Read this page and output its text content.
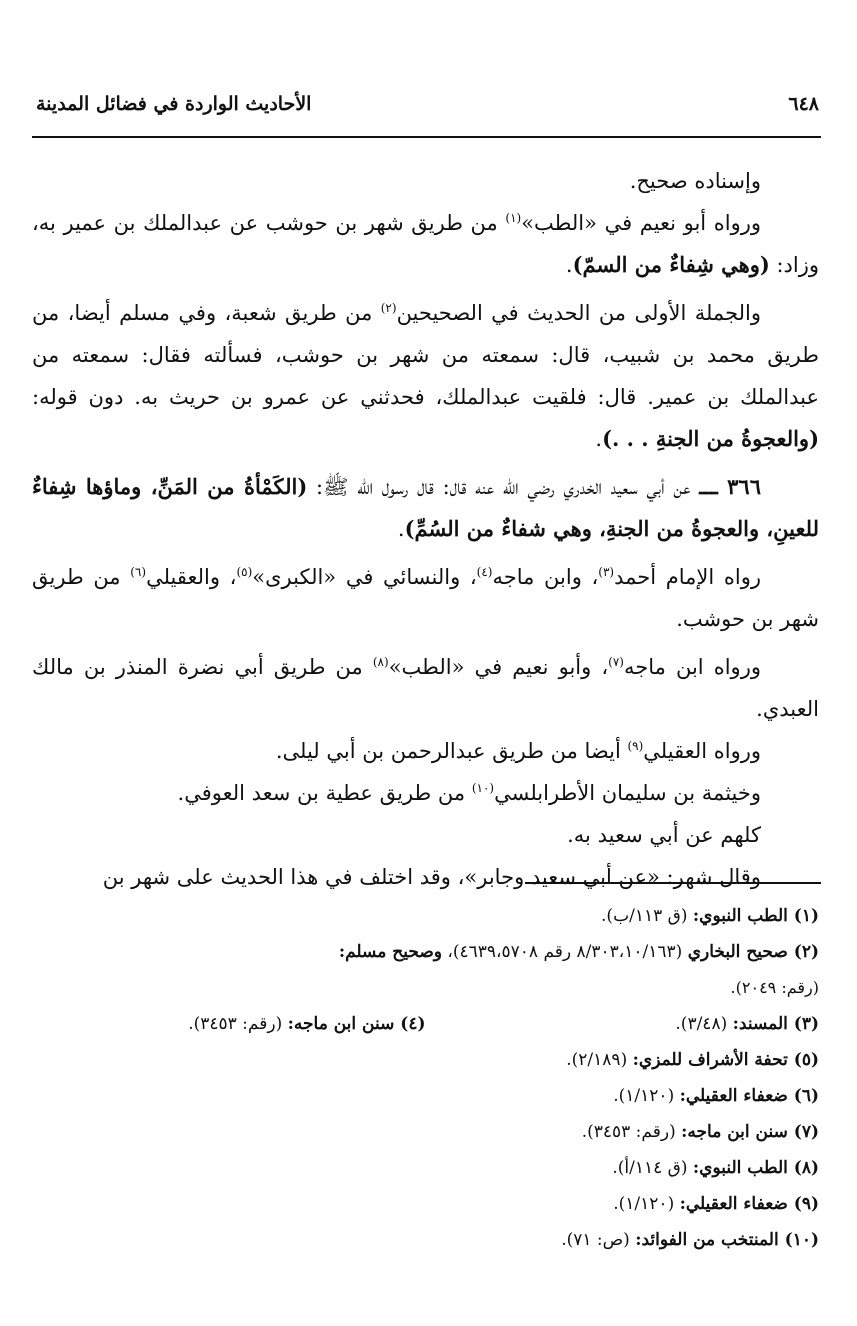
٦٤٨
الأحاديث الواردة في فضائل المدينة

وإسناده صحيح.

ورواه أبو نعيم في «الطب»$^{(١)}$ من طريق شهر بن حوشب عن عبدالملك بن عمير به، وزاد: (وهي شِفاءٌ من السمّ).

والجملة الأولى من الحديث في الصحيحين$^{(٢)}$ من طريق شعبة، وفي مسلم أيضا، من طريق محمد بن شبيب، قال: سمعته من شهر بن حوشب، فسألته فقال: سمعته من عبدالملك بن عمير. قال: فلقيت عبدالملك، فحدثني عن عمرو بن حريث به. دون قوله: (والعجوةُ من الجنةِ . . .).

٣٦٦ ـــ عن أبي سعيد الخدري رضي الله عنه قال: قال رسول الله ﷺ: (الكَمْأةُ من المَنِّ، وماؤها شِفاءٌ للعينِ، والعجوةُ من الجنةِ، وهي شفاءٌ من السُمِّ).

رواه الإمام أحمد$^{(٣)}$، وابن ماجه$^{(٤)}$، والنسائي في «الكبرى»$^{(٥)}$، والعقيلي$^{(٦)}$ من طريق شهر بن حوشب.

ورواه ابن ماجه$^{(٧)}$، وأبو نعيم في «الطب»$^{(٨)}$ من طريق أبي نضرة المنذر بن مالك العبدي.

ورواه العقيلي$^{(٩)}$ أيضا من طريق عبدالرحمن بن أبي ليلى.

وخيثمة بن سليمان الأطرابلسي$^{(١٠)}$ من طريق عطية بن سعد العوفي.

كلهم عن أبي سعيد به.

وقال شهر: «عن أبي سعيد وجابر»، وقد اختلف في هذا الحديث على شهر بن

(١) الطب النبوي: (ق ١١٣/ب).

(٢) صحيح البخاري (٨/٣٠٣،١٠/١٦٣ رقم ٤٦٣٩،٥٧٠٨)، وصحيح مسلم:

(رقم: ٢٠٤٩).

(٣) المسند: (٣/٤٨).

(٤) سنن ابن ماجه: (رقم: ٣٤٥٣).

(٥) تحفة الأشراف للمزي: (٢/١٨٩).

(٦) ضعفاء العقيلي: (١/١٢٠).

(٧) سنن ابن ماجه: (رقم: ٣٤٥٣).

(٨) الطب النبوي: (ق ١١٤/أ).

(٩) ضعفاء العقيلي: (١/١٢٠).

(١٠) المنتخب من الفوائد: (ص: ٧١).
